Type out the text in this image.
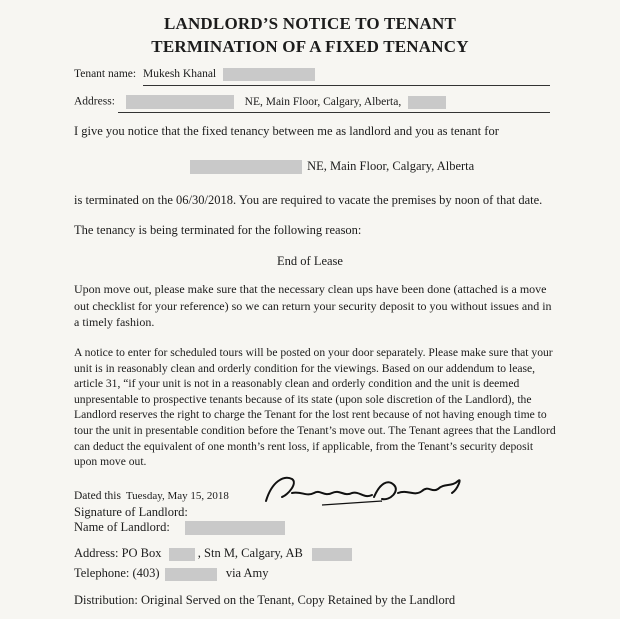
LANDLORD’S NOTICE TO TENANT
TERMINATION OF A FIXED TENANCY
Tenant name: Mukesh Khanal
Address:	NE, Main Floor, Calgary, Alberta,
I give you notice that the fixed tenancy between me as landlord and you as tenant for
NE, Main Floor, Calgary, Alberta
is terminated on the 06/30/2018. You are required to vacate the premises by noon of that date.
The tenancy is being terminated for the following reason:
End of Lease
Upon move out, please make sure that the necessary clean ups have been done (attached is a move out checklist for your reference) so we can return your security deposit to you without issues and in a timely fashion.
A notice to enter for scheduled tours will be posted on your door separately. Please make sure that your unit is in reasonably clean and orderly condition for the viewings. Based on our addendum to lease, article 31, “if your unit is not in a reasonably clean and orderly condition and the unit is deemed unpresentable to prospective tenants because of its state (upon sole discretion of the Landlord), the Landlord reserves the right to charge the Tenant for the lost rent because of not having enough time to tour the unit in presentable condition before the Tenant’s move out. The Tenant agrees that the Landlord can deduct the equivalent of one month’s rent loss, if applicable, from the Tenant’s security deposit upon move out.
Dated this Tuesday, May 15, 2018
Signature of Landlord:
Name of Landlord:
Address: PO Box	, Stn M, Calgary, AB
Telephone: (403)	via Amy
Distribution: Original Served on the Tenant, Copy Retained by the Landlord
